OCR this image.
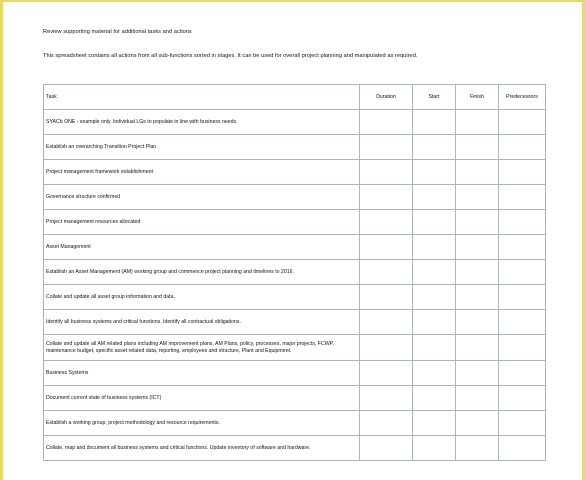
Review supporting material for additional tasks and actions
This spreadsheet contains all actions from all sub-functions sorted in stages. It can be used for overall project planning and manipulated as required.
Task	Duration	Start	Finish	Predecessors
SYACb ONE - example only. Individual LGs to populate in line with business needs.				
Establish an overarching Transition Project Plan				
Project management framework establishment				
Governance structure confirmed				
Project management resources allocated				
Asset Management				
Establish an Asset Management (AM) working group and commence project planning and timelines to 2016.				
Collate and update all asset group information and data.				
Identify all business systems and critical functions. Identify all contractual obligations.				
Collate and update all AM related plans including AM improvement plans, AM Plans, policy, processes, major projects, FCWP, maintenance budget, specific asset related data, reporting, employees and structure, Plant and Equipment.				
Business Systems				
Document current state of business systems (ICT)				
Establish a working group, project methodology and resource requirements.				
Collate, map and document all business systems and critical functions. Update inventory of software and hardware.				
